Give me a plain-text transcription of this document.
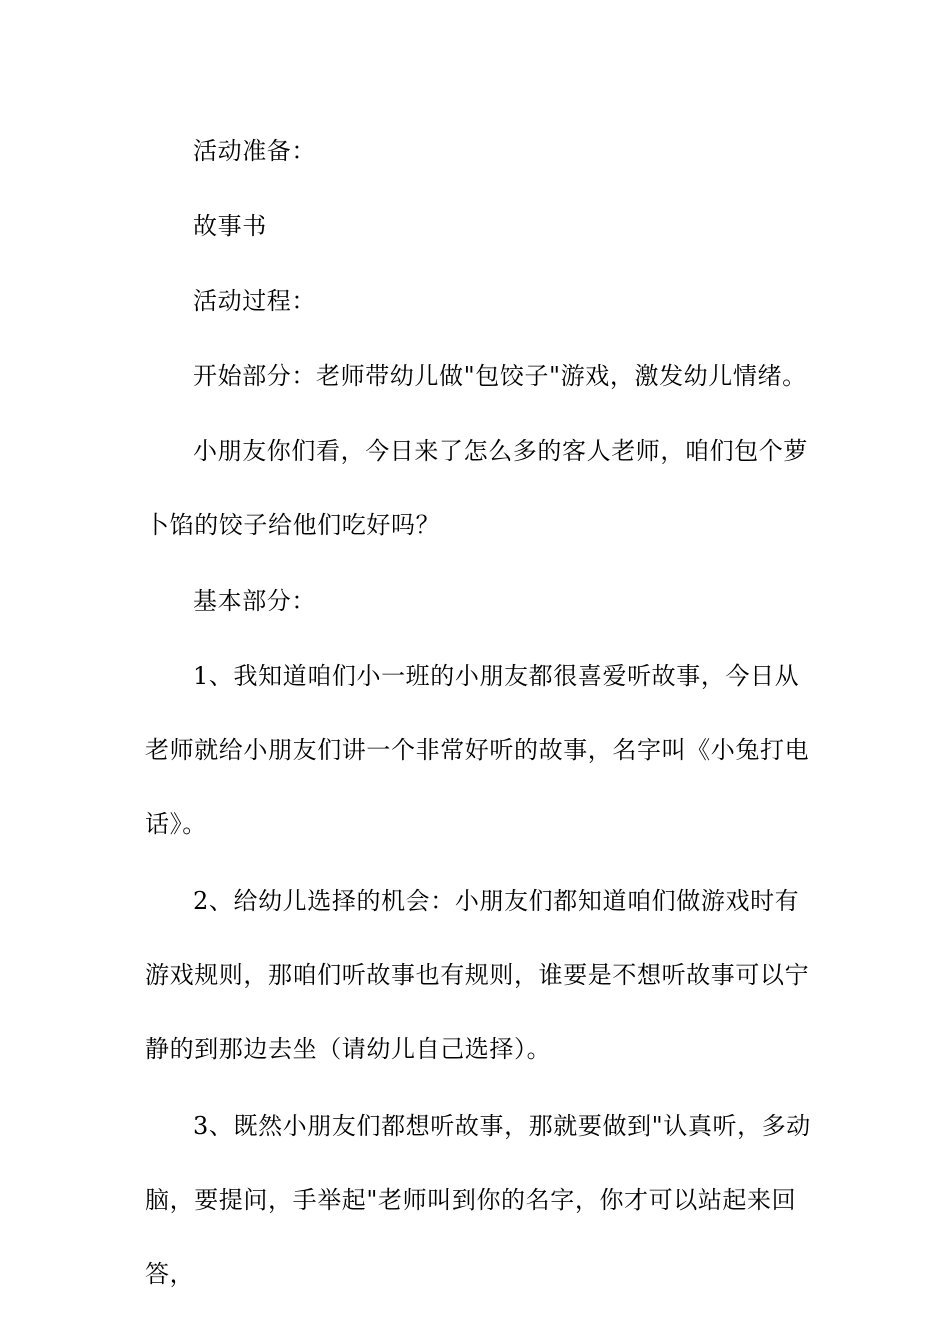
活动准备：

故事书

活动过程：

开始部分：老师带幼儿做"包饺子"游戏，激发幼儿情绪。

小朋友你们看，今日来了怎么多的客人老师，咱们包个萝卜馅的饺子给他们吃好吗？

基本部分：

1、我知道咱们小一班的小朋友都很喜爱听故事，今日从老师就给小朋友们讲一个非常好听的故事，名字叫《小兔打电话》。

2、给幼儿选择的机会：小朋友们都知道咱们做游戏时有游戏规则，那咱们听故事也有规则，谁要是不想听故事可以宁静的到那边去坐（请幼儿自己选择）。

3、既然小朋友们都想听故事，那就要做到"认真听，多动脑，要提问，手举起"老师叫到你的名字，你才可以站起来回答，
